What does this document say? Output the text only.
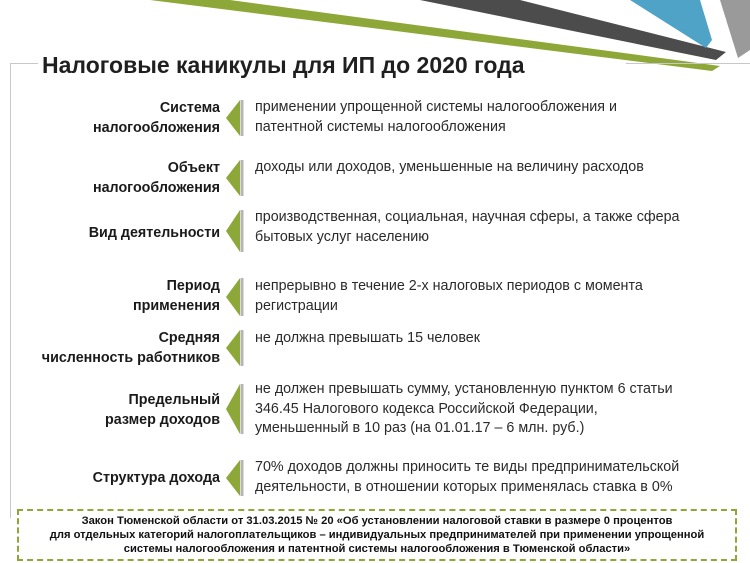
Налоговые каникулы для ИП до 2020 года
Система
налогообложения
применении упрощенной системы налогообложения и
патентной системы налогообложения
Объект
налогообложения
доходы или доходов, уменьшенные на величину расходов
Вид деятельности
производственная, социальная, научная сферы, а также сфера
бытовых услуг населению
Период
применения
непрерывно в течение 2-х налоговых периодов с момента
регистрации
Средняя
численность работников
не должна превышать 15 человек
Предельный
размер доходов
не должен превышать сумму, установленную пунктом 6 статьи
346.45 Налогового кодекса Российской Федерации,
уменьшенный в 10 раз (на 01.01.17 – 6 млн. руб.)
Структура дохода
70% доходов должны приносить те виды предпринимательской
деятельности, в отношении которых применялась ставка в 0%
Закон Тюменской области от 31.03.2015 № 20 «Об установлении налоговой ставки в размере 0 процентов
для отдельных категорий налогоплательщиков – индивидуальных предпринимателей при применении упрощенной
системы налогообложения и патентной системы налогообложения в Тюменской области»
